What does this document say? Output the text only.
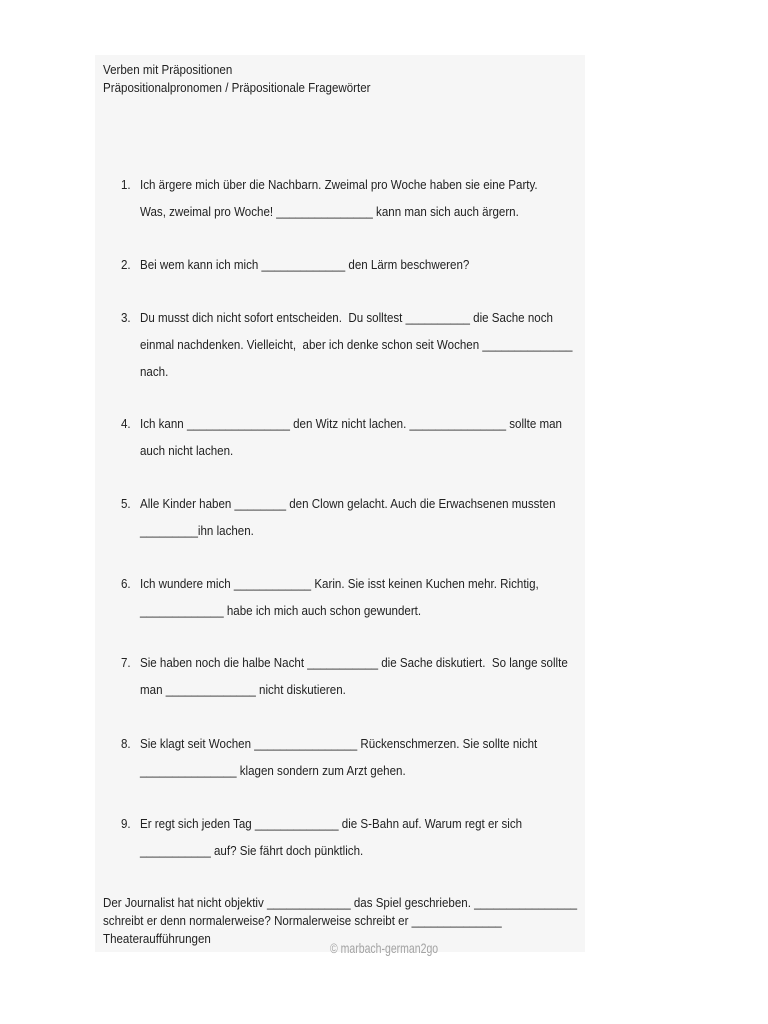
Verben mit Präpositionen
Präpositionalpronomen / Präpositionale Fragewörter
1. Ich ärgere mich über die Nachbarn. Zweimal pro Woche haben sie eine Party.
Was, zweimal pro Woche! _______________ kann man sich auch ärgern.
2. Bei wem kann ich mich _____________ den Lärm beschweren?
3. Du musst dich nicht sofort entscheiden.  Du solltest __________ die Sache noch
einmal nachdenken. Vielleicht,  aber ich denke schon seit Wochen ______________
nach.
4. Ich kann ________________ den Witz nicht lachen. _______________ sollte man
auch nicht lachen.
5. Alle Kinder haben ________ den Clown gelacht. Auch die Erwachsenen mussten
_________ihn lachen.
6. Ich wundere mich ____________ Karin. Sie isst keinen Kuchen mehr. Richtig,
_____________ habe ich mich auch schon gewundert.
7. Sie haben noch die halbe Nacht ___________ die Sache diskutiert.  So lange sollte
man ______________ nicht diskutieren.
8. Sie klagt seit Wochen ________________ Rückenschmerzen. Sie sollte nicht
_______________ klagen sondern zum Arzt gehen.
9. Er regt sich jeden Tag _____________ die S-Bahn auf. Warum regt er sich
___________ auf? Sie fährt doch pünktlich.
Der Journalist hat nicht objektiv _____________ das Spiel geschrieben. ________________
schreibt er denn normalerweise? Normalerweise schreibt er ______________
Theateraufführungen
© marbach-german2go
